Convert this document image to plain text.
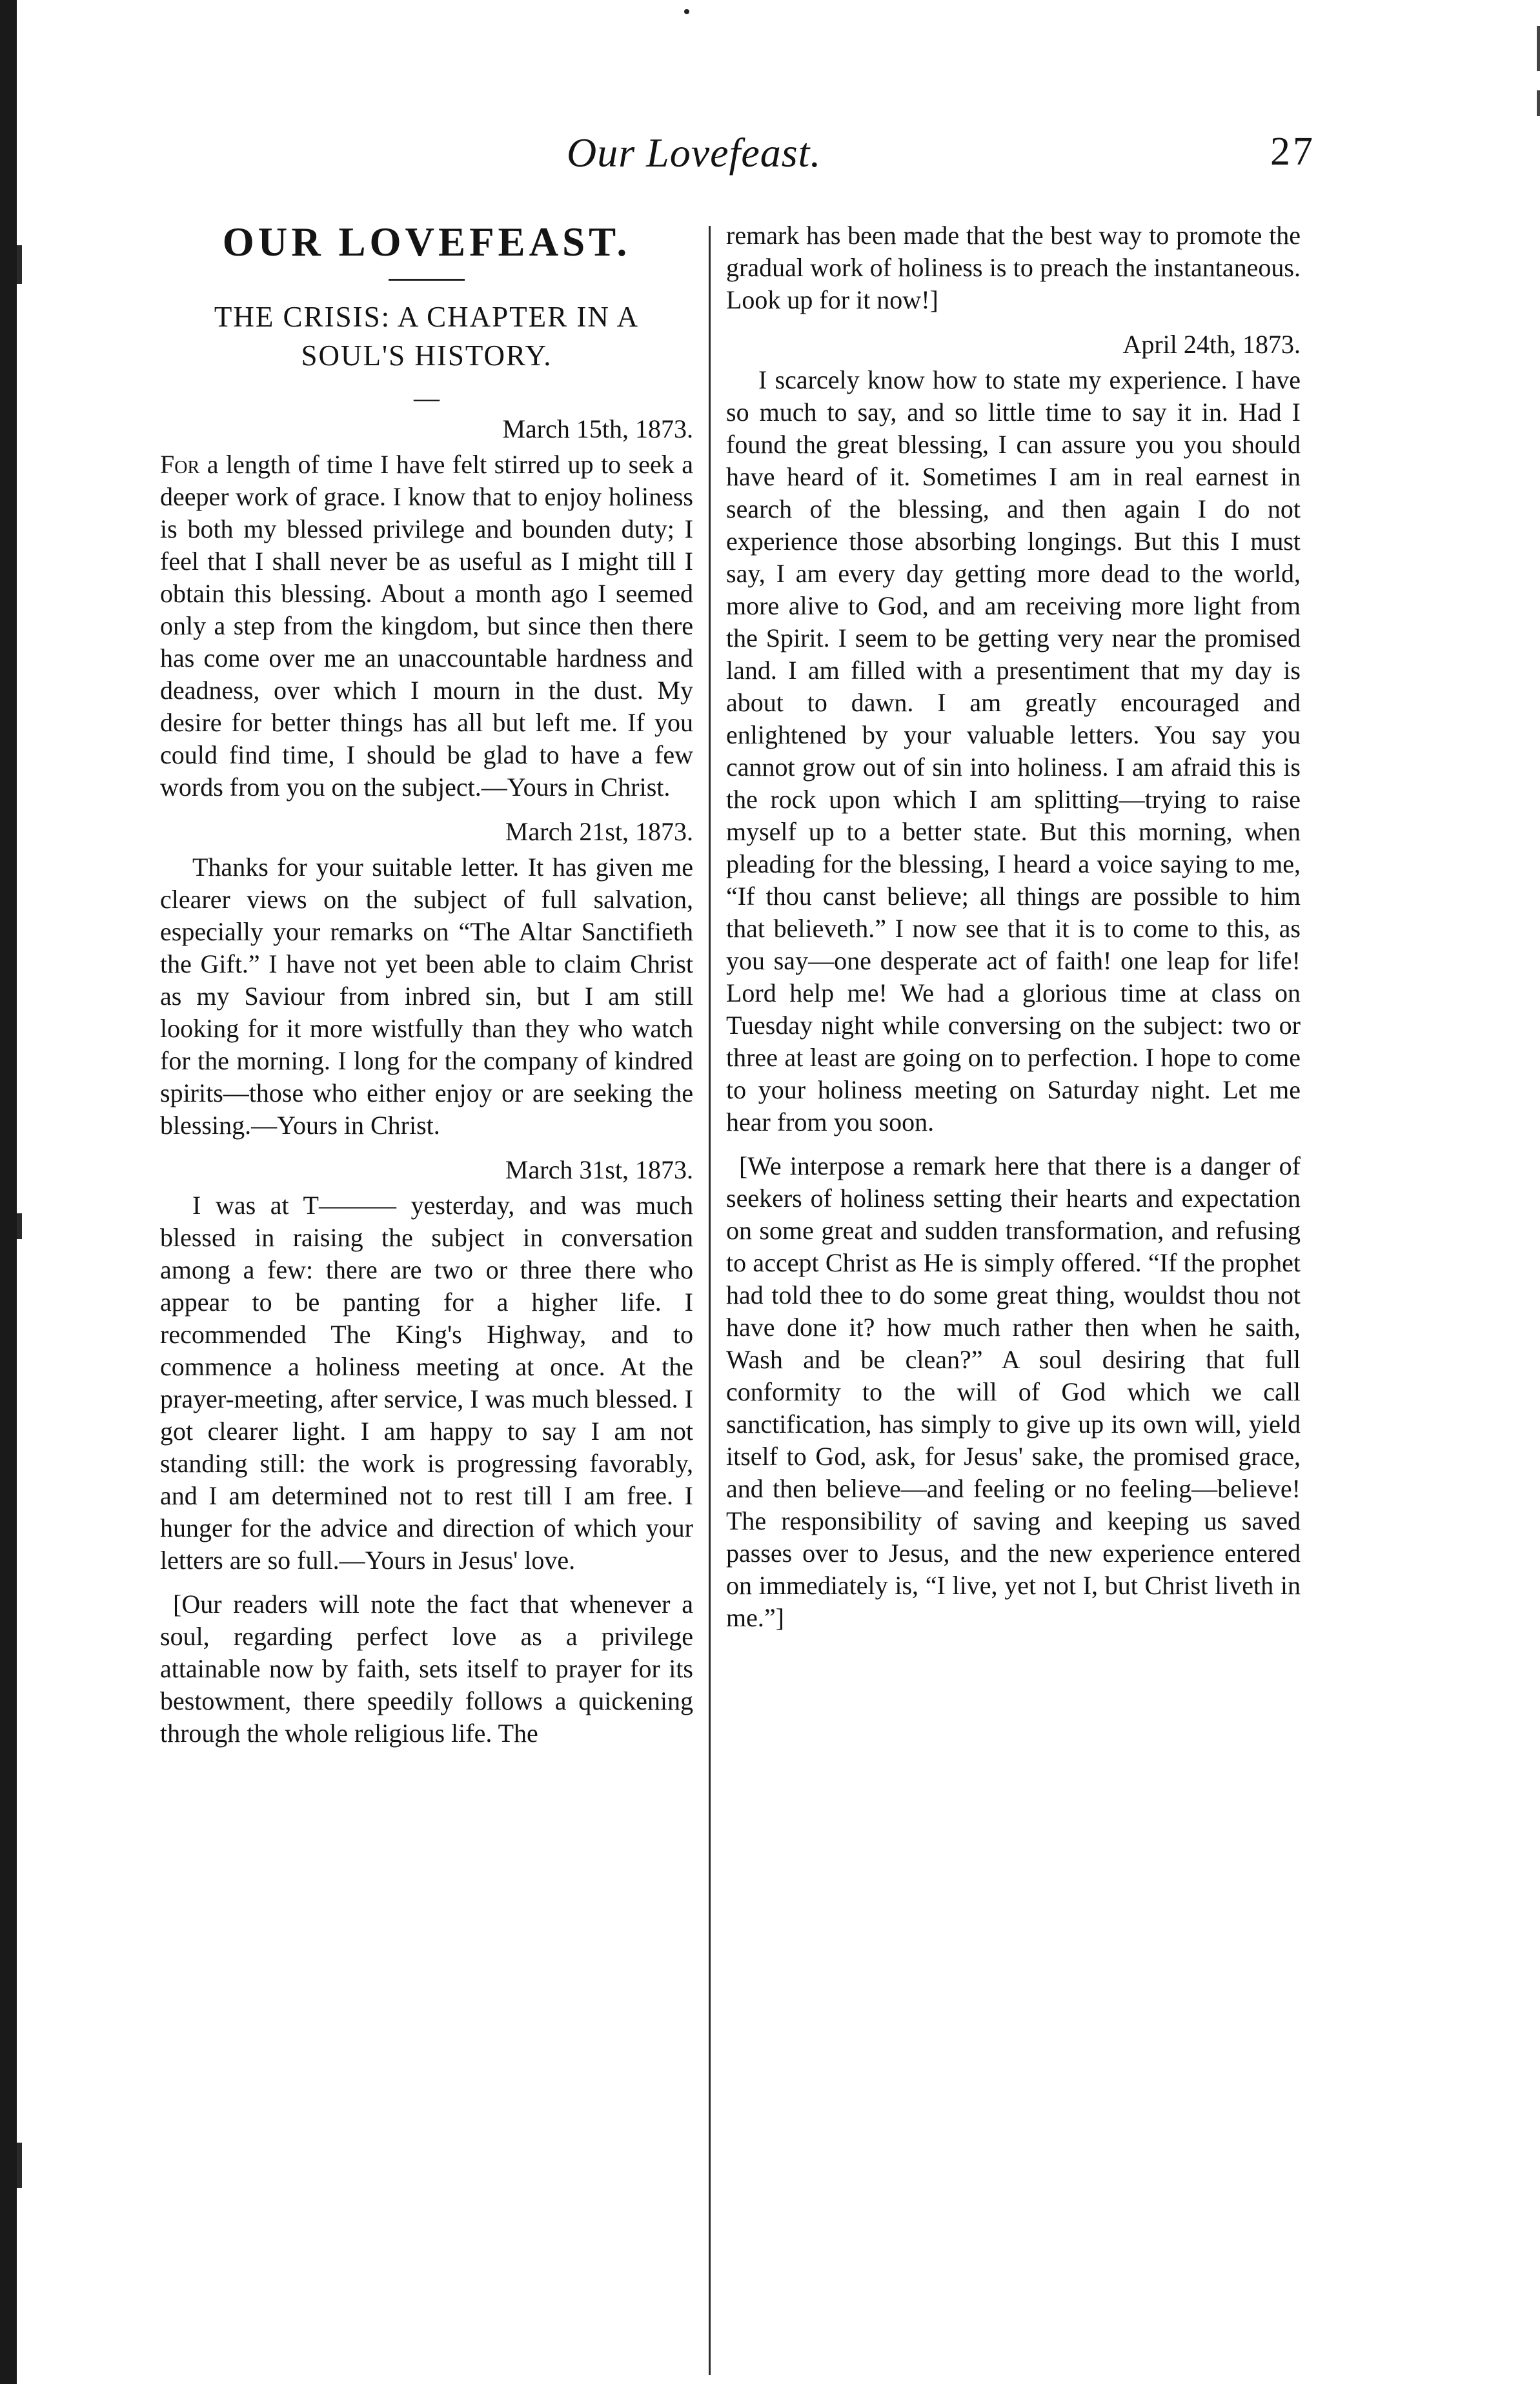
Our Lovefeast.	27
OUR LOVEFEAST.
THE CRISIS: A CHAPTER IN A
SOUL'S HISTORY.

—

March 15th, 1873.

For a length of time I have felt stirred up to seek a deeper work of grace. I know that to enjoy holiness is both my blessed privilege and bounden duty; I feel that I shall never be as useful as I might till I obtain this blessing. About a month ago I seemed only a step from the kingdom, but since then there has come over me an unaccountable hardness and deadness, over which I mourn in the dust. My desire for better things has all but left me. If you could find time, I should be glad to have a few words from you on the subject.—Yours in Christ.

March 21st, 1873.

Thanks for your suitable letter. It has given me clearer views on the subject of full salvation, especially your remarks on “The Altar Sanctifieth the Gift.” I have not yet been able to claim Christ as my Saviour from inbred sin, but I am still looking for it more wistfully than they who watch for the morning. I long for the company of kindred spirits—those who either enjoy or are seeking the blessing.—Yours in Christ.

March 31st, 1873.

I was at T——— yesterday, and was much blessed in raising the subject in conversation among a few: there are two or three there who appear to be panting for a higher life. I recommended The King's Highway, and to commence a holiness meeting at once. At the prayer-meeting, after service, I was much blessed. I got clearer light. I am happy to say I am not standing still: the work is progressing favorably, and I am determined not to rest till I am free. I hunger for the advice and direction of which your letters are so full.—Yours in Jesus' love.

[Our readers will note the fact that whenever a soul, regarding perfect love as a privilege attainable now by faith, sets itself to prayer for its bestowment, there speedily follows a quickening through the whole religious life. The

remark has been made that the best way to promote the gradual work of holiness is to preach the instantaneous. Look up for it now!]

April 24th, 1873.

I scarcely know how to state my experience. I have so much to say, and so little time to say it in. Had I found the great blessing, I can assure you you should have heard of it. Sometimes I am in real earnest in search of the blessing, and then again I do not experience those absorbing longings. But this I must say, I am every day getting more dead to the world, more alive to God, and am receiving more light from the Spirit. I seem to be getting very near the promised land. I am filled with a presentiment that my day is about to dawn. I am greatly encouraged and enlightened by your valuable letters. You say you cannot grow out of sin into holiness. I am afraid this is the rock upon which I am splitting—trying to raise myself up to a better state. But this morning, when pleading for the blessing, I heard a voice saying to me, “If thou canst believe; all things are possible to him that believeth.” I now see that it is to come to this, as you say—one desperate act of faith! one leap for life! Lord help me! We had a glorious time at class on Tuesday night while conversing on the subject: two or three at least are going on to perfection. I hope to come to your holiness meeting on Saturday night. Let me hear from you soon.

[We interpose a remark here that there is a danger of seekers of holiness setting their hearts and expectation on some great and sudden transformation, and refusing to accept Christ as He is simply offered. “If the prophet had told thee to do some great thing, wouldst thou not have done it? how much rather then when he saith, Wash and be clean?” A soul desiring that full conformity to the will of God which we call sanctification, has simply to give up its own will, yield itself to God, ask, for Jesus' sake, the promised grace, and then believe—and feeling or no feeling—believe! The responsibility of saving and keeping us saved passes over to Jesus, and the new experience entered on immediately is, “I live, yet not I, but Christ liveth in me.”]
